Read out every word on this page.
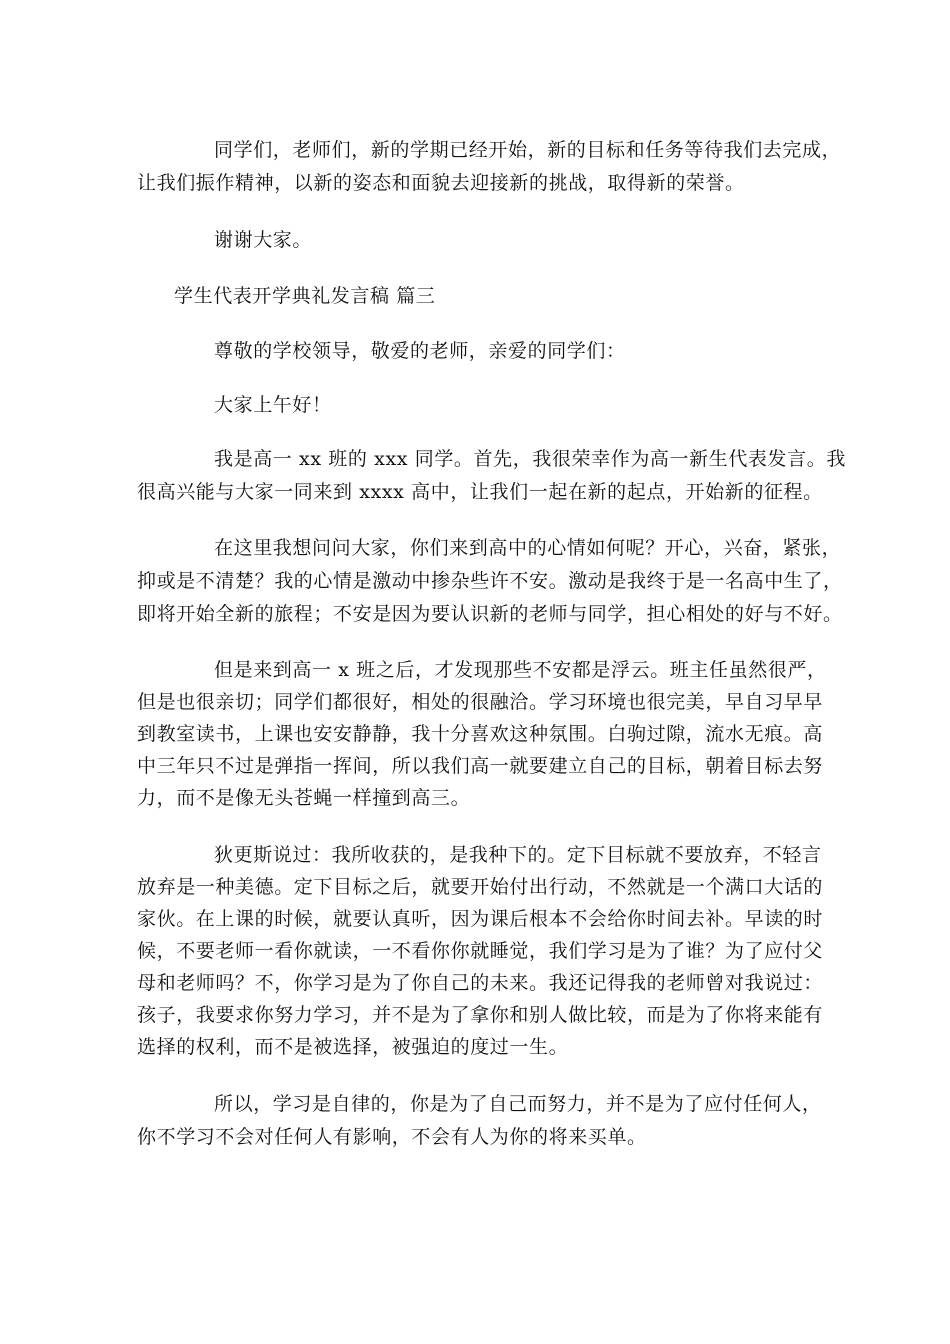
同学们，老师们，新的学期已经开始，新的目标和任务等待我们去完成，
让我们振作精神，以新的姿态和面貌去迎接新的挑战，取得新的荣誉。
谢谢大家。
学生代表开学典礼发言稿 篇三
尊敬的学校领导，敬爱的老师，亲爱的同学们：
大家上午好！
我是高一 xx 班的 xxx 同学。首先，我很荣幸作为高一新生代表发言。我
很高兴能与大家一同来到 xxxx 高中，让我们一起在新的起点，开始新的征程。
在这里我想问问大家，你们来到高中的心情如何呢？开心，兴奋，紧张，
抑或是不清楚？我的心情是激动中掺杂些许不安。激动是我终于是一名高中生了，
即将开始全新的旅程；不安是因为要认识新的老师与同学，担心相处的好与不好。
但是来到高一 x 班之后，才发现那些不安都是浮云。班主任虽然很严，
但是也很亲切；同学们都很好，相处的很融洽。学习环境也很完美，早自习早早
到教室读书，上课也安安静静，我十分喜欢这种氛围。白驹过隙，流水无痕。高
中三年只不过是弹指一挥间，所以我们高一就要建立自己的目标，朝着目标去努
力，而不是像无头苍蝇一样撞到高三。
狄更斯说过：我所收获的，是我种下的。定下目标就不要放弃，不轻言
放弃是一种美德。定下目标之后，就要开始付出行动，不然就是一个满口大话的
家伙。在上课的时候，就要认真听，因为课后根本不会给你时间去补。早读的时
候，不要老师一看你就读，一不看你你就睡觉，我们学习是为了谁？为了应付父
母和老师吗？不，你学习是为了你自己的未来。我还记得我的老师曾对我说过：
孩子，我要求你努力学习，并不是为了拿你和别人做比较，而是为了你将来能有
选择的权利，而不是被选择，被强迫的度过一生。
所以，学习是自律的，你是为了自己而努力，并不是为了应付任何人，
你不学习不会对任何人有影响，不会有人为你的将来买单。
